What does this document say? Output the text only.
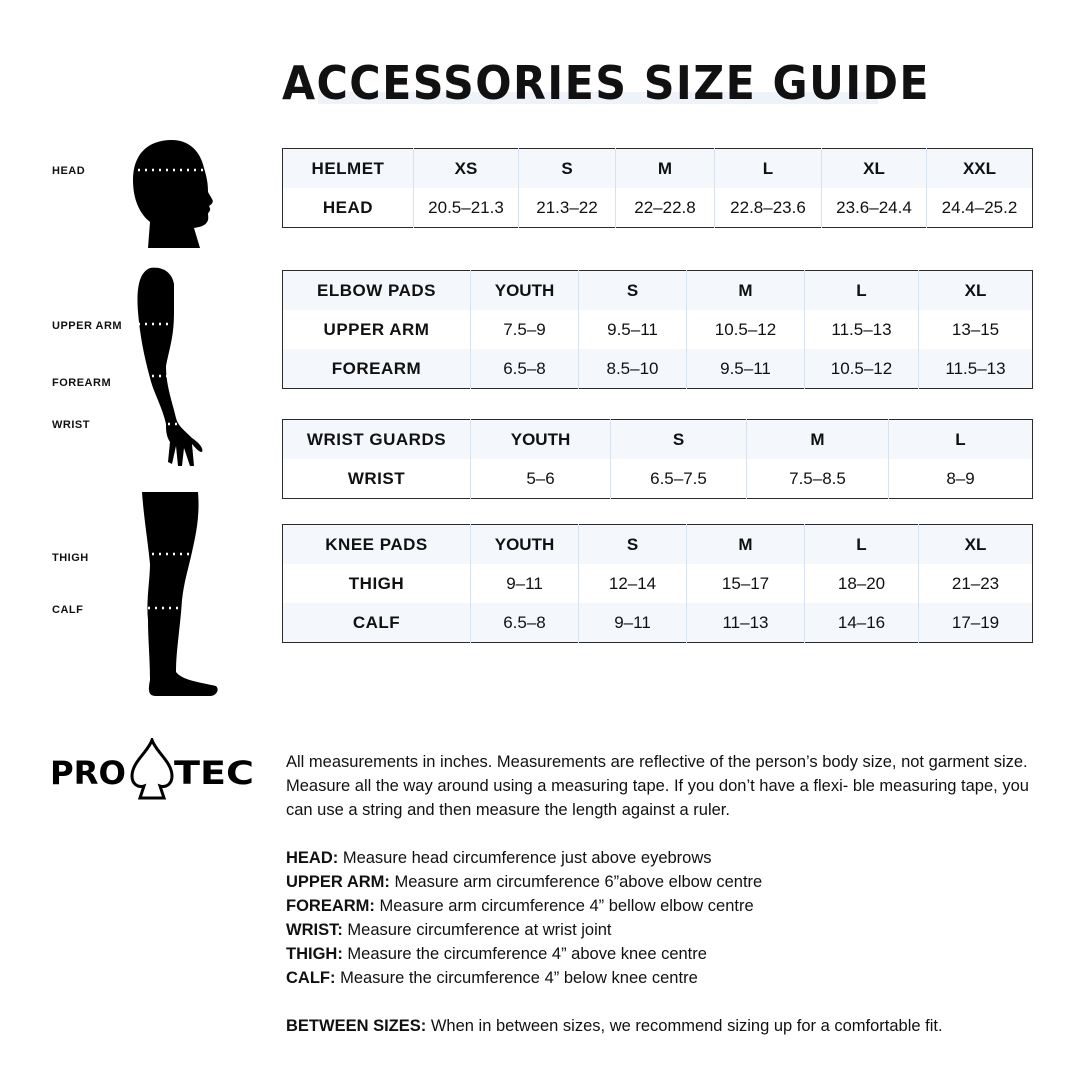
ACCESSORIES SIZE GUIDE
HEAD
UPPER ARM
FOREARM
WRIST
THIGH
CALF
HELMET	XS	S	M	L	XL	XXL
HEAD	20.5–21.3	21.3–22	22–22.8	22.8–23.6	23.6–24.4	24.4–25.2
ELBOW PADS	YOUTH	S	M	L	XL
UPPER ARM	7.5–9	9.5–11	10.5–12	11.5–13	13–15
FOREARM	6.5–8	8.5–10	9.5–11	10.5–12	11.5–13
WRIST GUARDS	YOUTH	S	M	L
WRIST	5–6	6.5–7.5	7.5–8.5	8–9
KNEE PADS	YOUTH	S	M	L	XL
THIGH	9–11	12–14	15–17	18–20	21–23
CALF	6.5–8	9–11	11–13	14–16	17–19
PRO TEC All measurements in inches. Measurements are reflective of the person’s body size, not garment size. Measure all the way around using a measuring tape. If you don’t have a flexi- ble measuring tape, you can use a string and then measure the length against a ruler.

HEAD: Measure head circumference just above eyebrows

UPPER ARM: Measure arm circumference 6”above elbow centre

FOREARM: Measure arm circumference 4” bellow elbow centre

WRIST: Measure circumference at wrist joint

THIGH: Measure the circumference 4” above knee centre

CALF: Measure the circumference 4” below knee centre

BETWEEN SIZES: When in between sizes, we recommend sizing up for a comfortable fit.
